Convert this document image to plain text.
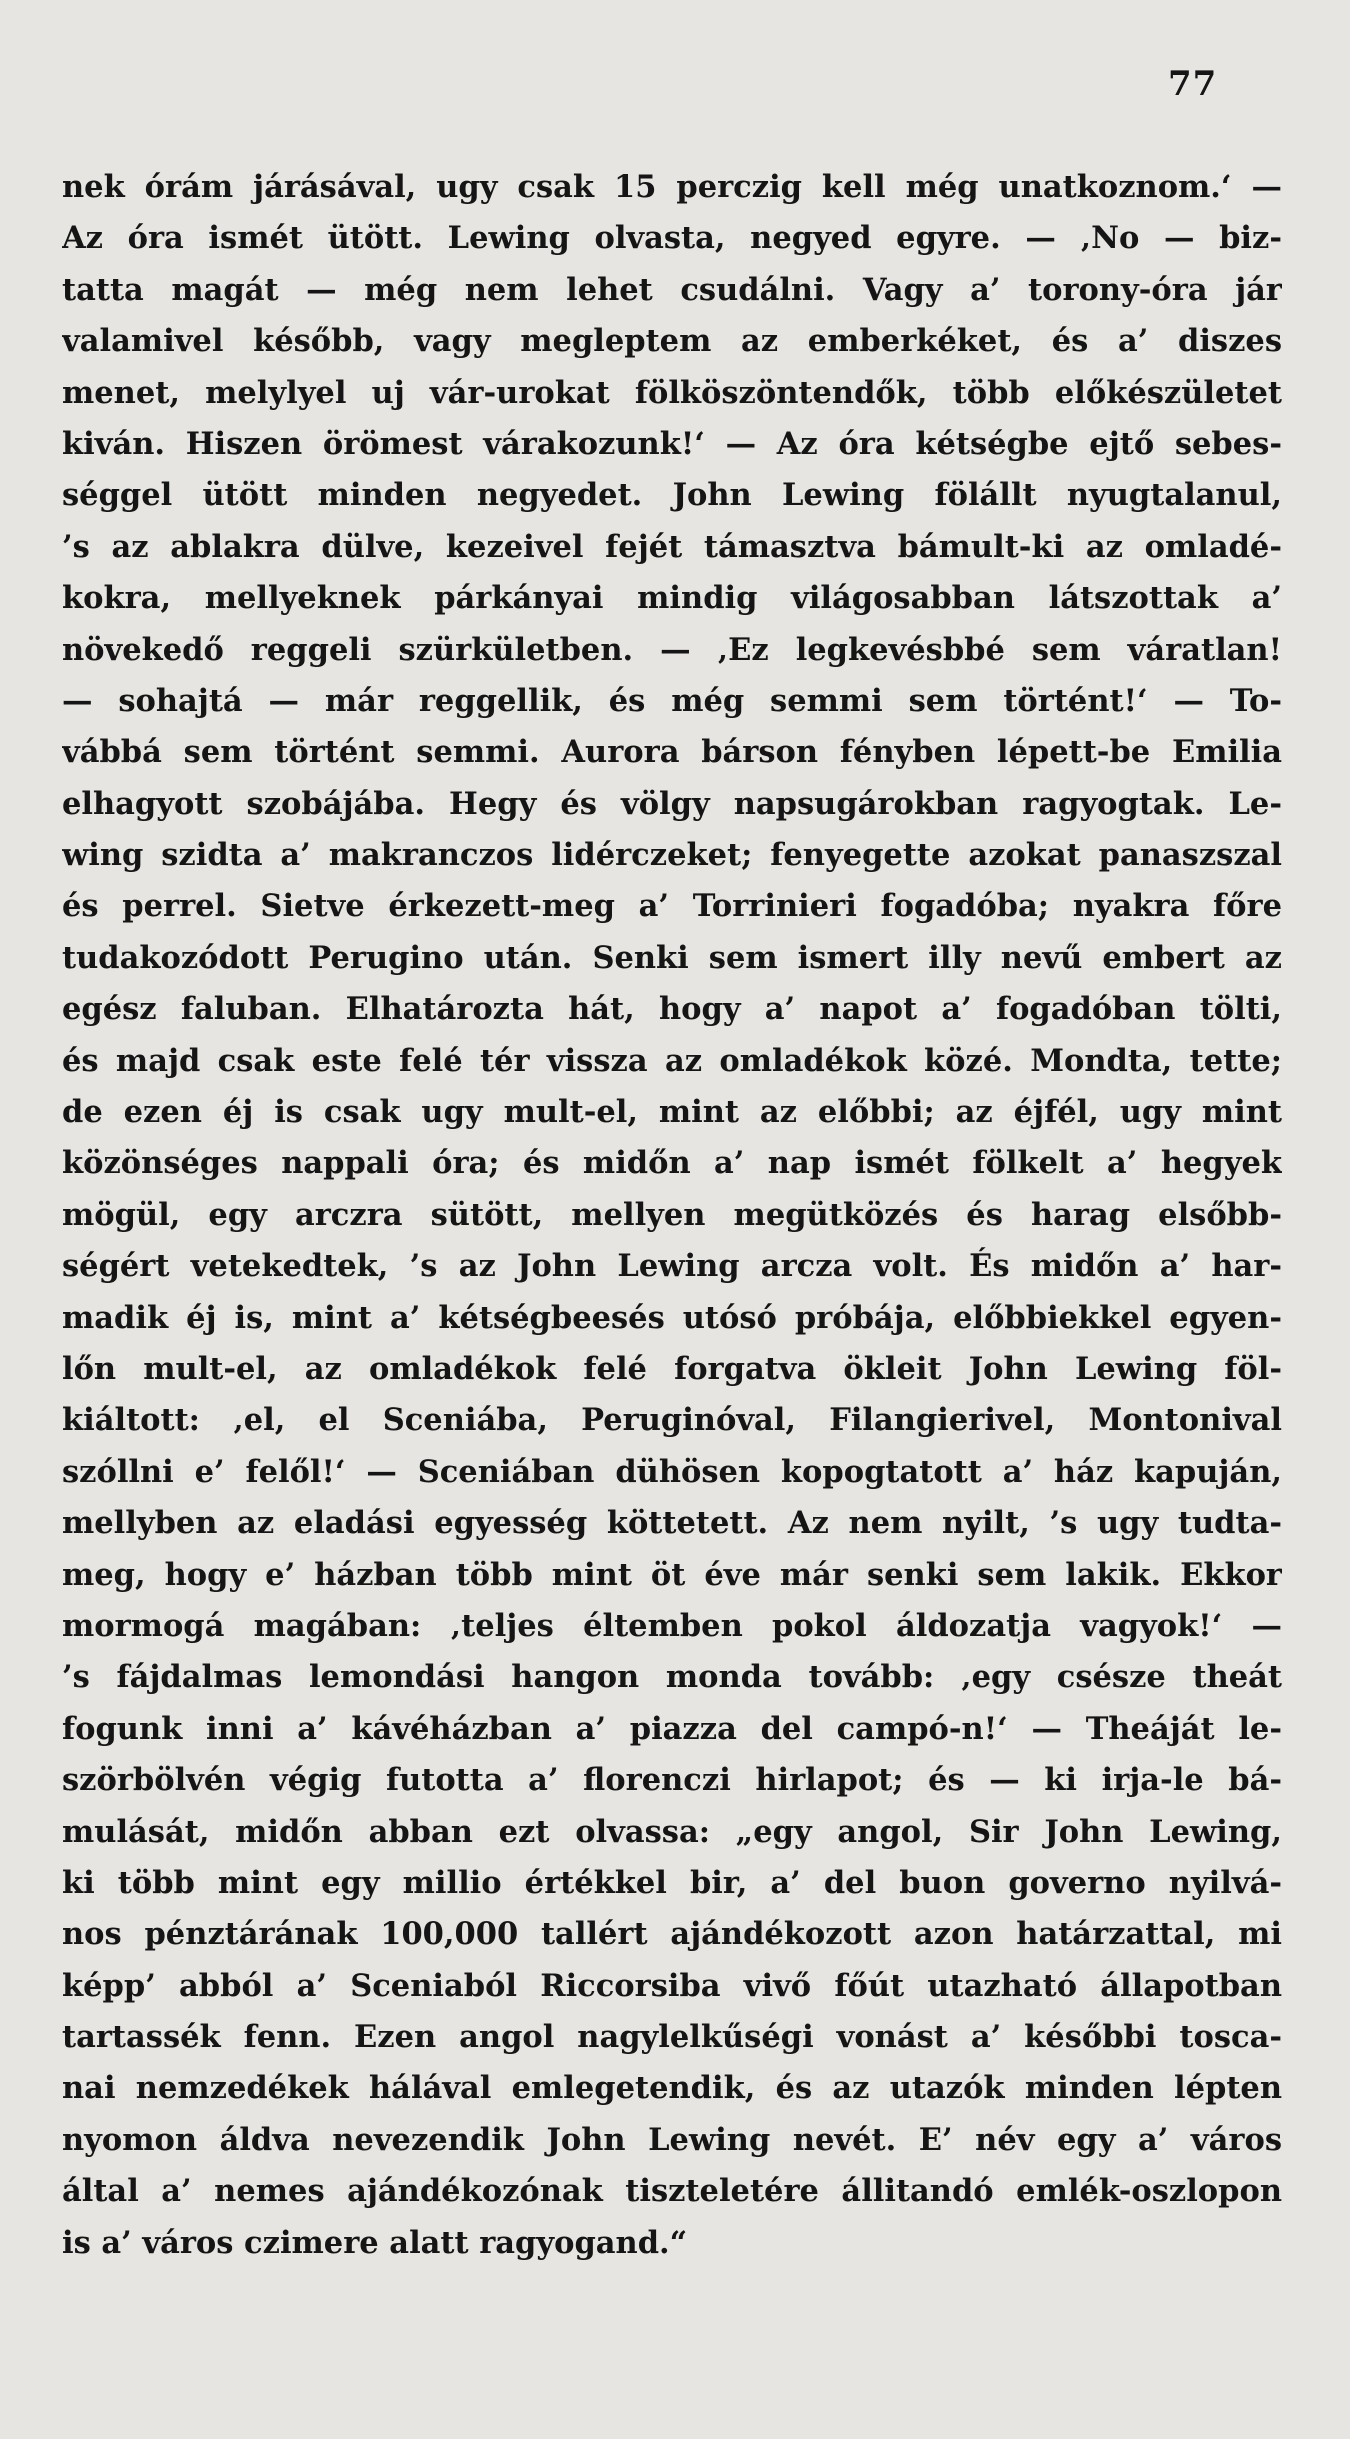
77
nek órám járásával, ugy csak 15 perczig kell még unatkoznom.‘ —
Az óra ismét ütött. Lewing olvasta, negyed egyre. — ‚No — biz-
tatta magát — még nem lehet csudálni. Vagy a’ torony-óra jár
valamivel később, vagy megleptem az emberkéket, és a’ diszes
menet, melylyel uj vár-urokat fölköszöntendők, több előkészületet
kiván. Hiszen örömest várakozunk!‘ — Az óra kétségbe ejtő sebes-
séggel ütött minden negyedet. John Lewing fölállt nyugtalanul,
’s az ablakra dülve, kezeivel fejét támasztva bámult-ki az omladé-
kokra, mellyeknek párkányai mindig világosabban látszottak a’
növekedő reggeli szürkületben. — ‚Ez legkevésbbé sem váratlan!
— sohajtá — már reggellik, és még semmi sem történt!‘ — To-
vábbá sem történt semmi. Aurora bárson fényben lépett-be Emilia
elhagyott szobájába. Hegy és völgy napsugárokban ragyogtak. Le-
wing szidta a’ makranczos lidérczeket; fenyegette azokat panaszszal
és perrel. Sietve érkezett-meg a’ Torrinieri fogadóba; nyakra főre
tudakozódott Perugino után. Senki sem ismert illy nevű embert az
egész faluban. Elhatározta hát, hogy a’ napot a’ fogadóban tölti,
és majd csak este felé tér vissza az omladékok közé. Mondta, tette;
de ezen éj is csak ugy mult-el, mint az előbbi; az éjfél, ugy mint
közönséges nappali óra; és midőn a’ nap ismét fölkelt a’ hegyek
mögül, egy arczra sütött, mellyen megütközés és harag elsőbb-
ségért vetekedtek, ’s az John Lewing arcza volt. És midőn a’ har-
madik éj is, mint a’ kétségbeesés utósó próbája, előbbiekkel egyen-
lőn mult-el, az omladékok felé forgatva ökleit John Lewing föl-
kiáltott: ‚el, el Sceniába, Peruginóval, Filangierivel, Montonival
szóllni e’ felől!‘ — Sceniában dühösen kopogtatott a’ ház kapuján,
mellyben az eladási egyesség köttetett. Az nem nyilt, ’s ugy tudta-
meg, hogy e’ házban több mint öt éve már senki sem lakik. Ekkor
mormogá magában: ‚teljes éltemben pokol áldozatja vagyok!‘ —
’s fájdalmas lemondási hangon monda tovább: ‚egy csésze theát
fogunk inni a’ kávéházban a’ piazza del campó-n!‘ — Theáját le-
szörbölvén végig futotta a’ florenczi hirlapot; és — ki irja-le bá-
mulását, midőn abban ezt olvassa: „egy angol, Sir John Lewing,
ki több mint egy millio értékkel bir, a’ del buon governo nyilvá-
nos pénztárának 100,000 tallért ajándékozott azon határzattal, mi
képp’ abból a’ Sceniaból Riccorsiba vivő főút utazható állapotban
tartassék fenn. Ezen angol nagylelkűségi vonást a’ későbbi tosca-
nai nemzedékek hálával emlegetendik, és az utazók minden lépten
nyomon áldva nevezendik John Lewing nevét. E’ név egy a’ város
által a’ nemes ajándékozónak tiszteletére állitandó emlék-oszlopon
is a’ város czimere alatt ragyogand.“
